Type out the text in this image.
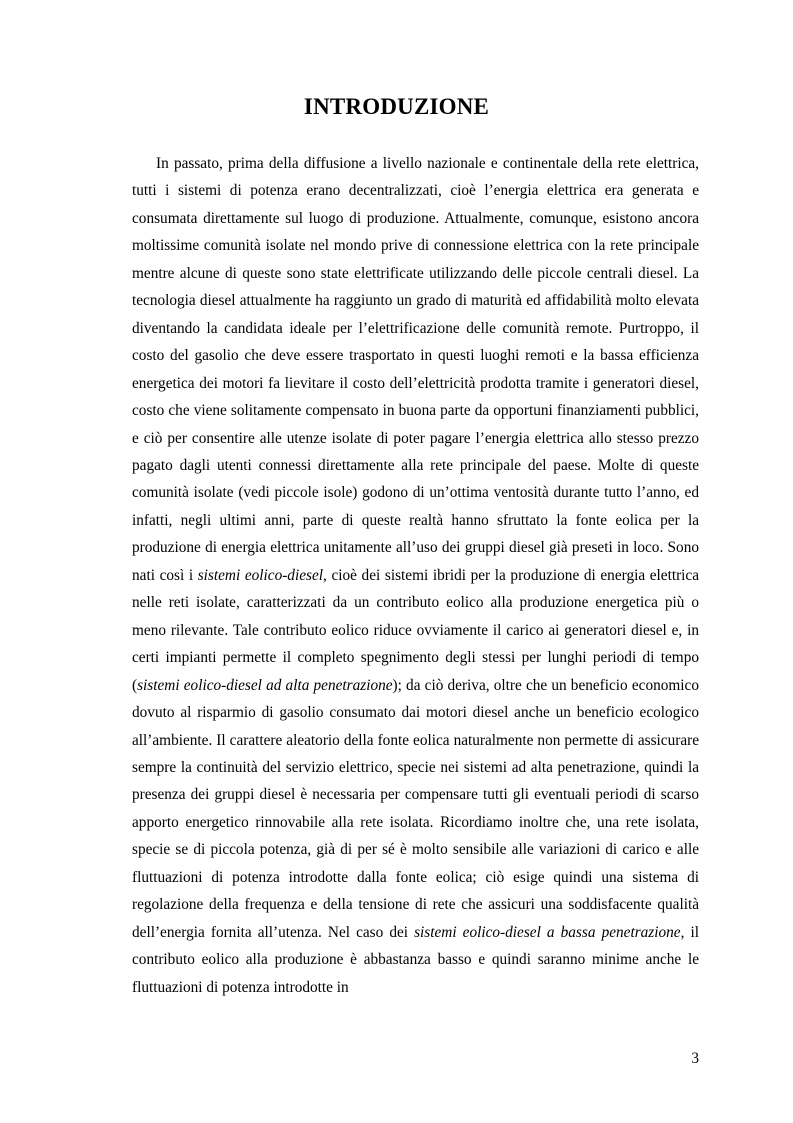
INTRODUZIONE

In passato, prima della diffusione a livello nazionale e continentale della rete elettrica, tutti i sistemi di potenza erano decentralizzati, cioè l’energia elettrica era generata e consumata direttamente sul luogo di produzione. Attualmente, comunque, esistono ancora moltissime comunità isolate nel mondo prive di connessione elettrica con la rete principale mentre alcune di queste sono state elettrificate utilizzando delle piccole centrali diesel. La tecnologia diesel attualmente ha raggiunto un grado di maturità ed affidabilità molto elevata diventando la candidata ideale per l’elettrificazione delle comunità remote. Purtroppo, il costo del gasolio che deve essere trasportato in questi luoghi remoti e la bassa efficienza energetica dei motori fa lievitare il costo dell’elettricità prodotta tramite i generatori diesel, costo che viene solitamente compensato in buona parte da opportuni finanziamenti pubblici, e ciò per consentire alle utenze isolate di poter pagare l’energia elettrica allo stesso prezzo pagato dagli utenti connessi direttamente alla rete principale del paese. Molte di queste comunità isolate (vedi piccole isole) godono di un’ottima ventosità durante tutto l’anno, ed infatti, negli ultimi anni, parte di queste realtà hanno sfruttato la fonte eolica per la produzione di energia elettrica unitamente all’uso dei gruppi diesel già preseti in loco. Sono nati così i sistemi eolico-diesel, cioè dei sistemi ibridi per la produzione di energia elettrica nelle reti isolate, caratterizzati da un contributo eolico alla produzione energetica più o meno rilevante. Tale contributo eolico riduce ovviamente il carico ai generatori diesel e, in certi impianti permette il completo spegnimento degli stessi per lunghi periodi di tempo (sistemi eolico-diesel ad alta penetrazione); da ciò deriva, oltre che un beneficio economico dovuto al risparmio di gasolio consumato dai motori diesel anche un beneficio ecologico all’ambiente. Il carattere aleatorio della fonte eolica naturalmente non permette di assicurare sempre la continuità del servizio elettrico, specie nei sistemi ad alta penetrazione, quindi la presenza dei gruppi diesel è necessaria per compensare tutti gli eventuali periodi di scarso apporto energetico rinnovabile alla rete isolata. Ricordiamo inoltre che, una rete isolata, specie se di piccola potenza, già di per sé è molto sensibile alle variazioni di carico e alle fluttuazioni di potenza introdotte dalla fonte eolica; ciò esige quindi una sistema di regolazione della frequenza e della tensione di rete che assicuri una soddisfacente qualità dell’energia fornita all’utenza. Nel caso dei sistemi eolico-diesel a bassa penetrazione, il contributo eolico alla produzione è abbastanza basso e quindi saranno minime anche le fluttuazioni di potenza introdotte in

3
